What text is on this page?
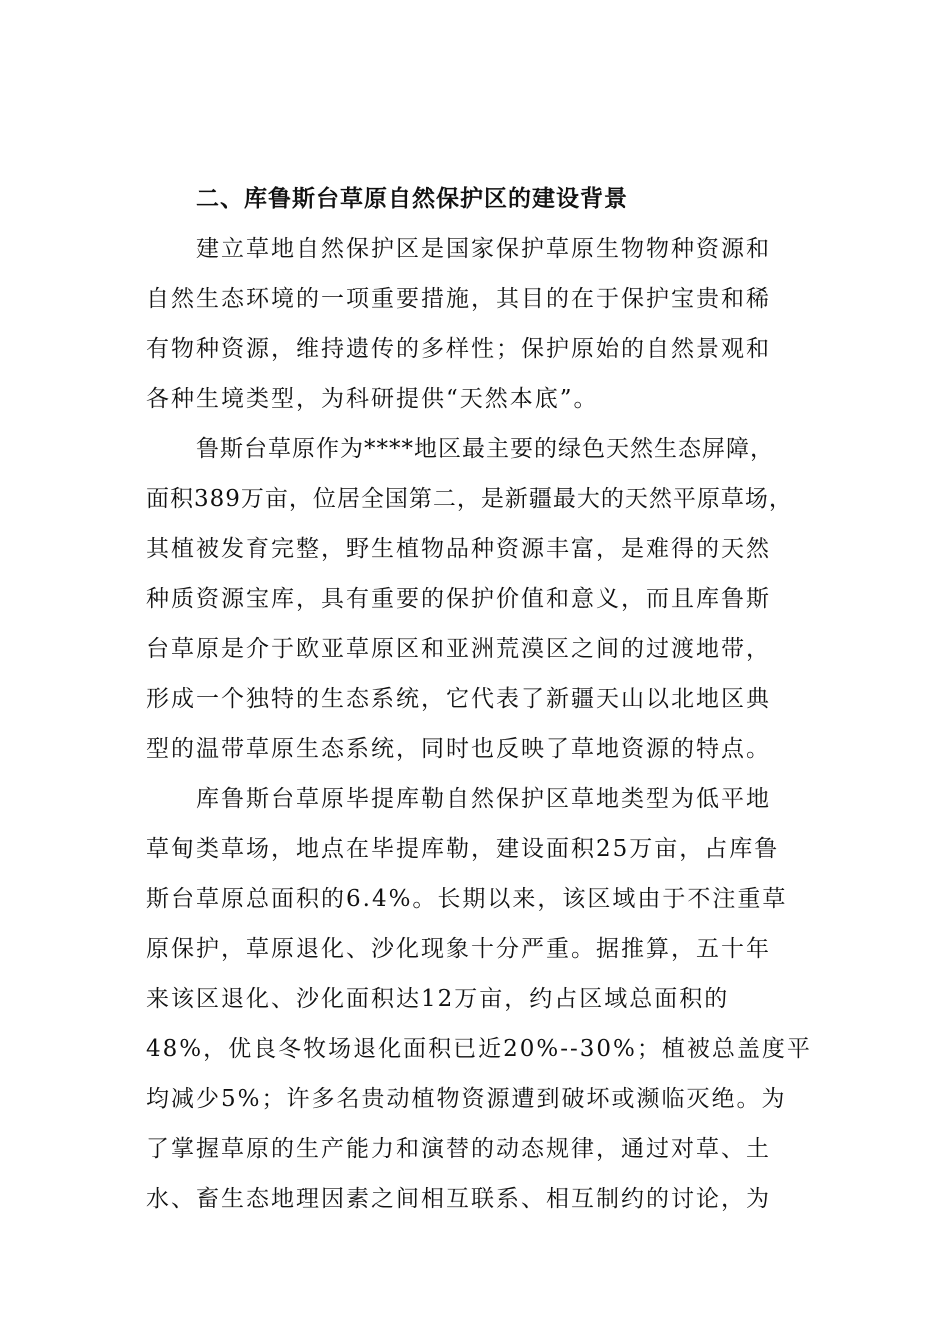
二、库鲁斯台草原自然保护区的建设背景
建立草地自然保护区是国家保护草原生物物种资源和
自然生态环境的一项重要措施，其目的在于保护宝贵和稀
有物种资源，维持遗传的多样性；保护原始的自然景观和
各种生境类型，为科研提供“天然本底”。
鲁斯台草原作为****地区最主要的绿色天然生态屏障，
面积389万亩，位居全国第二，是新疆最大的天然平原草场，
其植被发育完整，野生植物品种资源丰富，是难得的天然
种质资源宝库，具有重要的保护价值和意义，而且库鲁斯
台草原是介于欧亚草原区和亚洲荒漠区之间的过渡地带，
形成一个独特的生态系统，它代表了新疆天山以北地区典
型的温带草原生态系统，同时也反映了草地资源的特点。
库鲁斯台草原毕提库勒自然保护区草地类型为低平地
草甸类草场，地点在毕提库勒，建设面积25万亩，占库鲁
斯台草原总面积的6.4%。长期以来，该区域由于不注重草
原保护，草原退化、沙化现象十分严重。据推算，五十年
来该区退化、沙化面积达12万亩，约占区域总面积的
48%，优良冬牧场退化面积已近20%--30%；植被总盖度平
均减少5%；许多名贵动植物资源遭到破坏或濒临灭绝。为
了掌握草原的生产能力和演替的动态规律，通过对草、土
水、畜生态地理因素之间相互联系、相互制约的讨论，为
